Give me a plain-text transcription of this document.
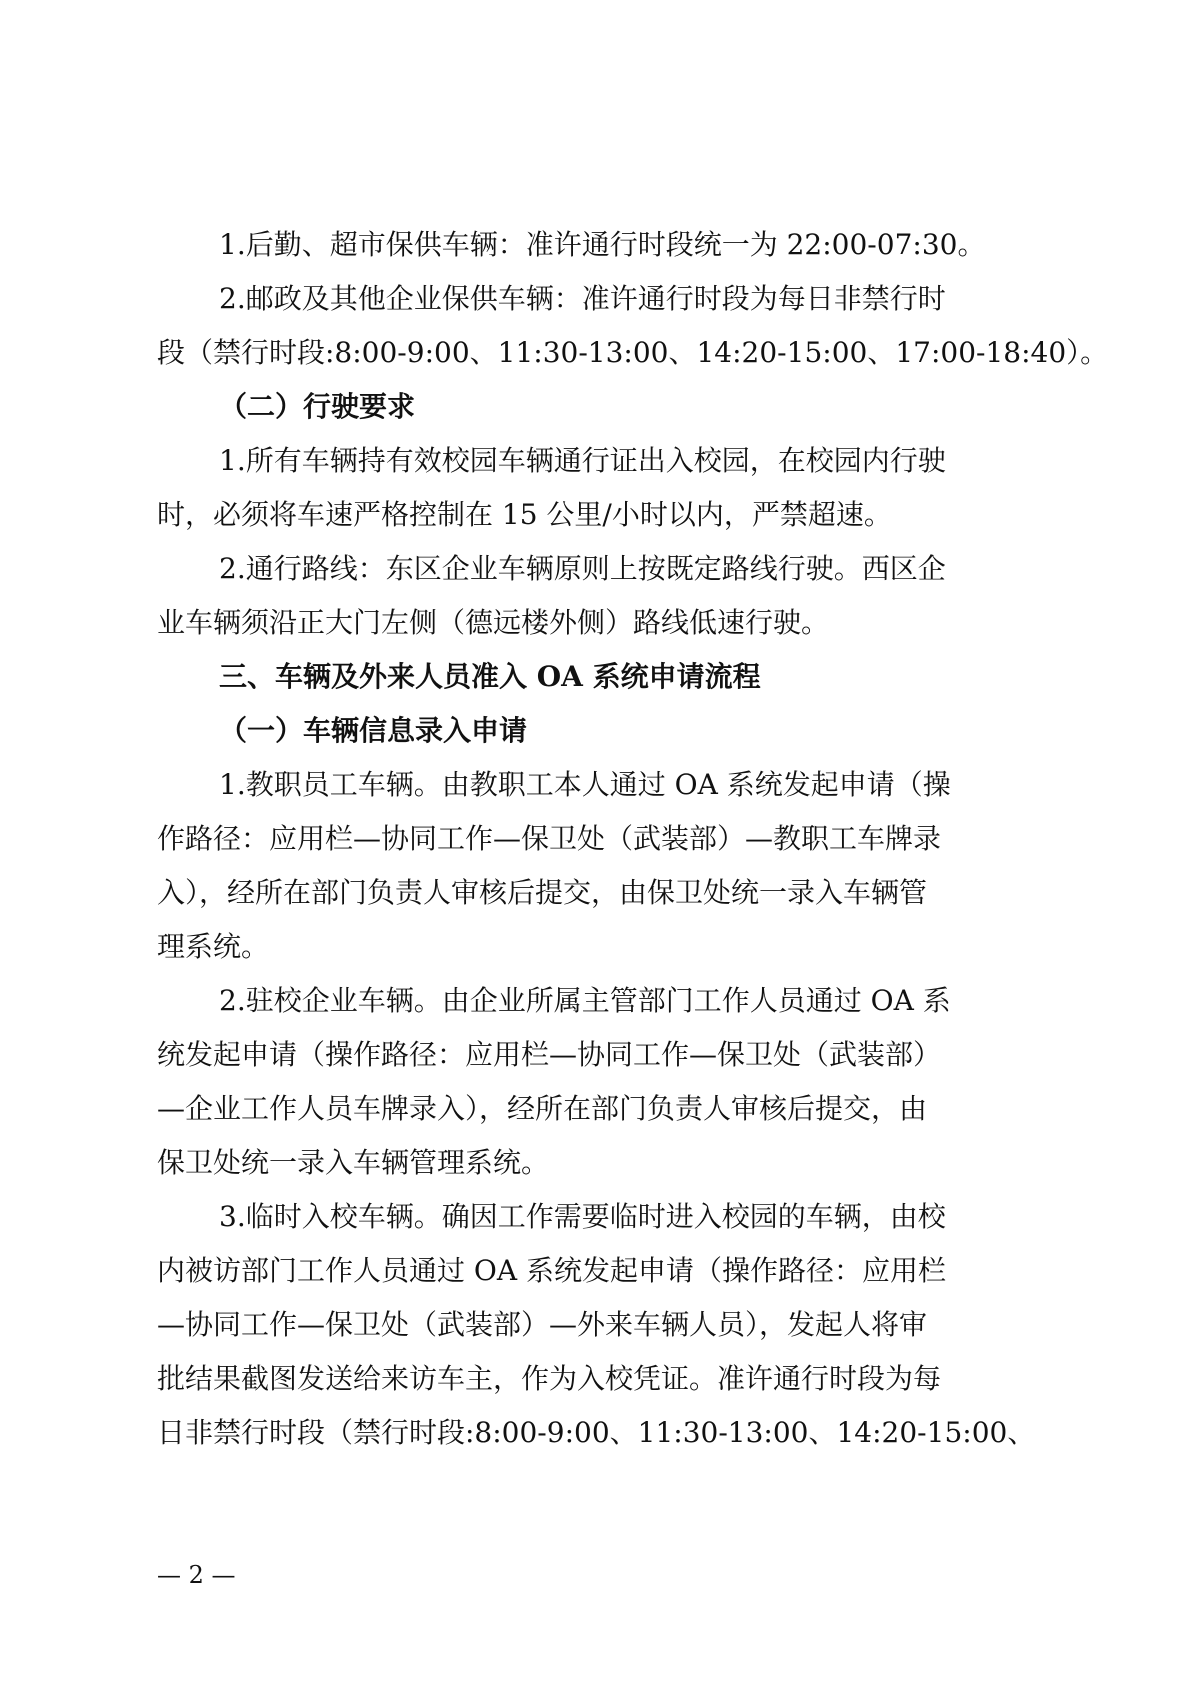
1.后勤、超市保供车辆：准许通行时段统一为 22:00-07:30。
2.邮政及其他企业保供车辆：准许通行时段为每日非禁行时
段（禁行时段:8:00-9:00、11:30-13:00、14:20-15:00、17:00-18:40）。
（二）行驶要求
1.所有车辆持有效校园车辆通行证出入校园，在校园内行驶
时，必须将车速严格控制在 15 公里/小时以内，严禁超速。
2.通行路线：东区企业车辆原则上按既定路线行驶。西区企
业车辆须沿正大门左侧（德远楼外侧）路线低速行驶。
三、车辆及外来人员准入 OA 系统申请流程
（一）车辆信息录入申请
1.教职员工车辆。由教职工本人通过 OA 系统发起申请（操
作路径：应用栏—协同工作—保卫处（武装部）—教职工车牌录
入），经所在部门负责人审核后提交，由保卫处统一录入车辆管
理系统。
2.驻校企业车辆。由企业所属主管部门工作人员通过 OA 系
统发起申请（操作路径：应用栏—协同工作—保卫处（武装部）
—企业工作人员车牌录入），经所在部门负责人审核后提交，由
保卫处统一录入车辆管理系统。
3.临时入校车辆。确因工作需要临时进入校园的车辆，由校
内被访部门工作人员通过 OA 系统发起申请（操作路径：应用栏
—协同工作—保卫处（武装部）—外来车辆人员），发起人将审
批结果截图发送给来访车主，作为入校凭证。准许通行时段为每
日非禁行时段（禁行时段:8:00-9:00、11:30-13:00、14:20-15:00、
— 2 —
